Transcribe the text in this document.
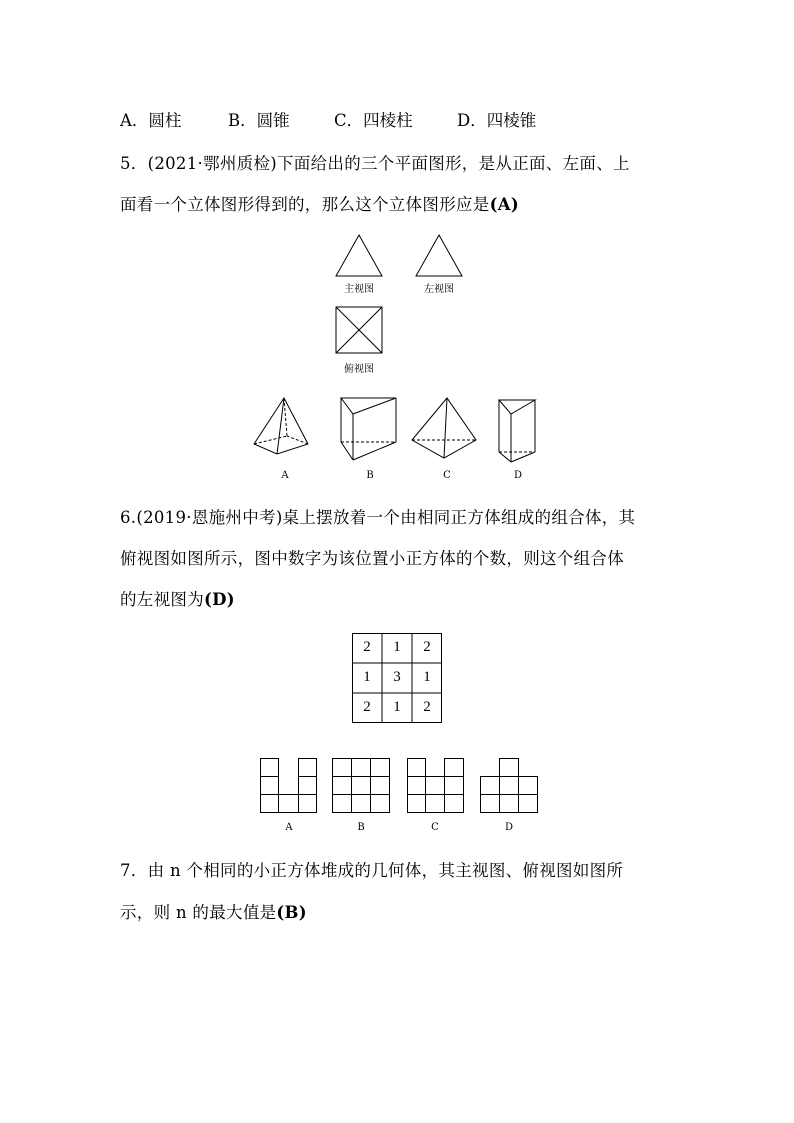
A．圆柱	B．圆锥	C．四棱柱	D．四棱锥
5．(2021·鄂州质检)下面给出的三个平面图形，是从正面、左面、上
面看一个立体图形得到的，那么这个立体图形应是(A)
主视图	左视图
俯视图
A	B	C	D
6.(2019·恩施州中考)桌上摆放着一个由相同正方体组成的组合体，其
俯视图如图所示，图中数字为该位置小正方体的个数，则这个组合体
的左视图为(D)
2	1	2
1	3	1
2	1	2
A	B	C	D
7．由 n 个相同的小正方体堆成的几何体，其主视图、俯视图如图所
示，则 n 的最大值是(B)
